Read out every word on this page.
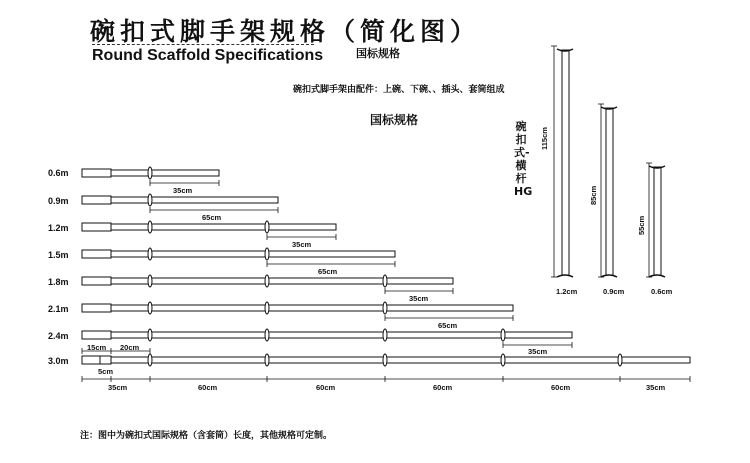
碗扣式脚手架规格（简化图）
Round Scaffold Specifications	国标规格
碗扣式脚手架由配件：上碗、下碗、、插头、套筒组成
国标规格
0.6m
0.9m
1.2m
1.5m
1.8m
2.1m
2.4m
3.0m
35cm
65cm
35cm
65cm
35cm
65cm
35cm
15cm 20cm
5cm
35cm	60cm	60cm	60cm	60cm	35cm
115cm
85cm
55cm
1.2cm	0.9cm	0.6cm
碗扣式-横杆HG
注：图中为碗扣式国际规格（含套筒）长度，其他规格可定制。
